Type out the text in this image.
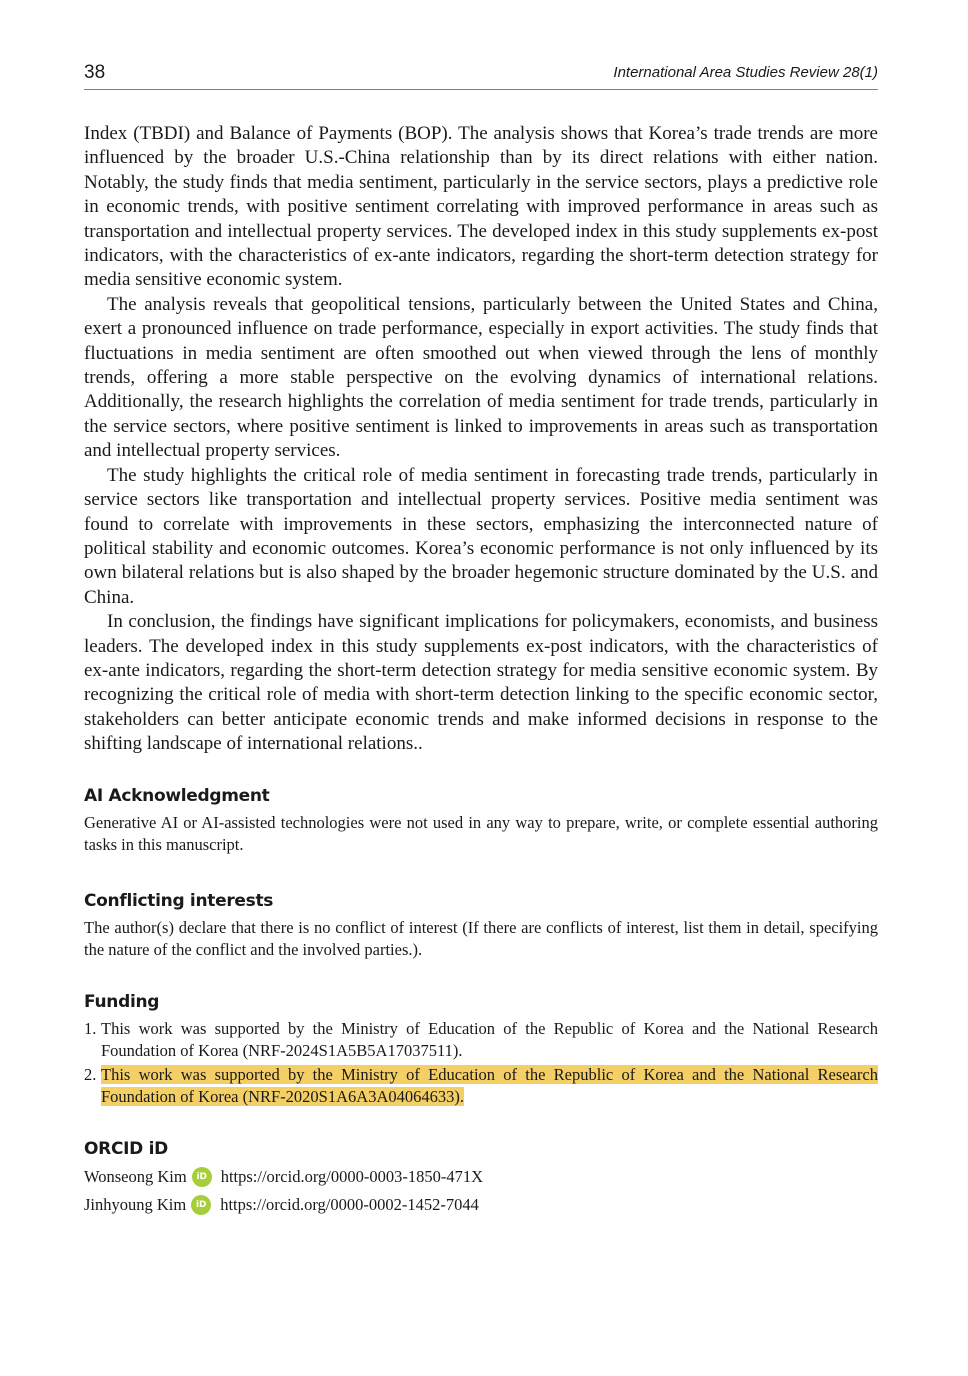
38	International Area Studies Review 28(1)

Index (TBDI) and Balance of Payments (BOP). The analysis shows that Korea’s trade trends are more influenced by the broader U.S.-China relationship than by its direct relations with either nation. Notably, the study finds that media sentiment, particularly in the service sectors, plays a predictive role in economic trends, with positive sentiment correlating with improved performance in areas such as transportation and intellectual property services. The developed index in this study supplements ex-post indicators, with the characteristics of ex-ante indicators, regarding the short-term detection strategy for media sensitive economic system.

The analysis reveals that geopolitical tensions, particularly between the United States and China, exert a pronounced influence on trade performance, especially in export activities. The study finds that fluctuations in media sentiment are often smoothed out when viewed through the lens of monthly trends, offering a more stable perspective on the evolving dynamics of international relations. Additionally, the research highlights the correlation of media sentiment for trade trends, particularly in the service sectors, where positive sentiment is linked to improvements in areas such as transportation and intellectual property services.

The study highlights the critical role of media sentiment in forecasting trade trends, particularly in service sectors like transportation and intellectual property services. Positive media sentiment was found to correlate with improvements in these sectors, emphasizing the interconnected nature of political stability and economic outcomes. Korea’s economic performance is not only influenced by its own bilateral relations but is also shaped by the broader hegemonic structure dominated by the U.S. and China.

In conclusion, the findings have significant implications for policymakers, economists, and business leaders. The developed index in this study supplements ex-post indicators, with the characteristics of ex-ante indicators, regarding the short-term detection strategy for media sensitive economic system. By recognizing the critical role of media with short-term detection linking to the specific economic sector, stakeholders can better anticipate economic trends and make informed decisions in response to the shifting landscape of international relations..

AI Acknowledgment

Generative AI or AI-assisted technologies were not used in any way to prepare, write, or complete essential authoring tasks in this manuscript.

Conflicting interests

The author(s) declare that there is no conflict of interest (If there are conflicts of interest, list them in detail, specifying the nature of the conflict and the involved parties.).

Funding
1. This work was supported by the Ministry of Education of the Republic of Korea and the National Research Foundation of Korea (NRF-2024S1A5B5A17037511).
2. This work was supported by the Ministry of Education of the Republic of Korea and the National Research Foundation of Korea (NRF-2020S1A6A3A04064633).
ORCID iD
Wonseong Kim	iD https://orcid.org/0000-0003-1850-471X
Jinhyoung Kim	iD https://orcid.org/0000-0002-1452-7044
